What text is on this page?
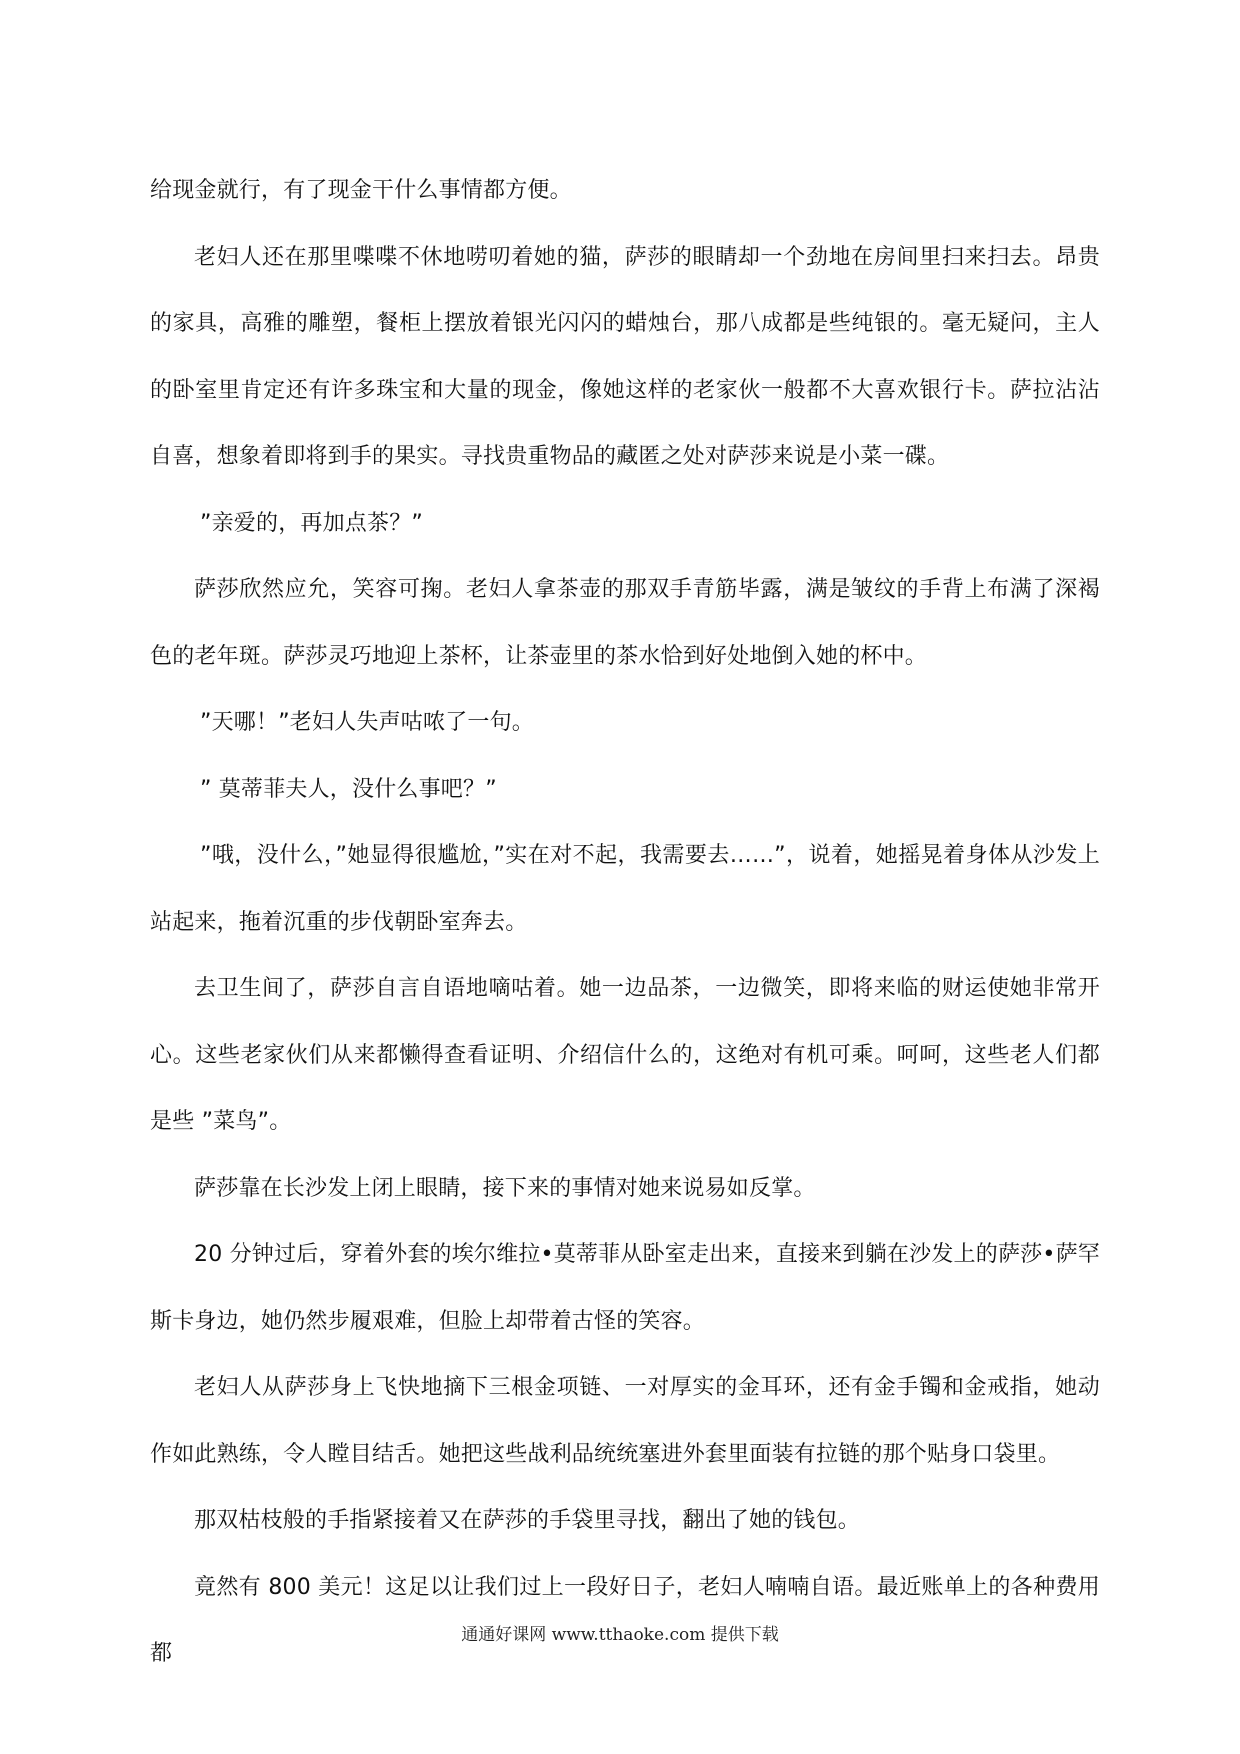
给现金就行，有了现金干什么事情都方便。

老妇人还在那里喋喋不休地唠叨着她的猫，萨莎的眼睛却一个劲地在房间里扫来扫去。昂贵的家具，高雅的雕塑，餐柜上摆放着银光闪闪的蜡烛台，那八成都是些纯银的。毫无疑问，主人的卧室里肯定还有许多珠宝和大量的现金，像她这样的老家伙一般都不大喜欢银行卡。萨拉沾沾自喜，想象着即将到手的果实。寻找贵重物品的藏匿之处对萨莎来说是小菜一碟。

”亲爱的，再加点茶？”

萨莎欣然应允，笑容可掬。老妇人拿茶壶的那双手青筋毕露，满是皱纹的手背上布满了深褐色的老年斑。萨莎灵巧地迎上茶杯，让茶壶里的茶水恰到好处地倒入她的杯中。

”天哪！”老妇人失声咕哝了一句。

” 莫蒂菲夫人，没什么事吧？”

”哦，没什么，”她显得很尴尬，”实在对不起，我需要去……”，说着，她摇晃着身体从沙发上站起来，拖着沉重的步伐朝卧室奔去。

去卫生间了，萨莎自言自语地嘀咕着。她一边品茶，一边微笑，即将来临的财运使她非常开心。这些老家伙们从来都懒得查看证明、介绍信什么的，这绝对有机可乘。呵呵，这些老人们都是些 ”菜鸟”。

萨莎靠在长沙发上闭上眼睛，接下来的事情对她来说易如反掌。

20 分钟过后，穿着外套的埃尔维拉•莫蒂菲从卧室走出来，直接来到躺在沙发上的萨莎•萨罕斯卡身边，她仍然步履艰难，但脸上却带着古怪的笑容。

老妇人从萨莎身上飞快地摘下三根金项链、一对厚实的金耳环，还有金手镯和金戒指，她动作如此熟练，令人瞠目结舌。她把这些战利品统统塞进外套里面装有拉链的那个贴身口袋里。

那双枯枝般的手指紧接着又在萨莎的手袋里寻找，翻出了她的钱包。

竟然有 800 美元！这足以让我们过上一段好日子，老妇人喃喃自语。最近账单上的各种费用都

通通好课网 www.tthaoke.com 提供下载
